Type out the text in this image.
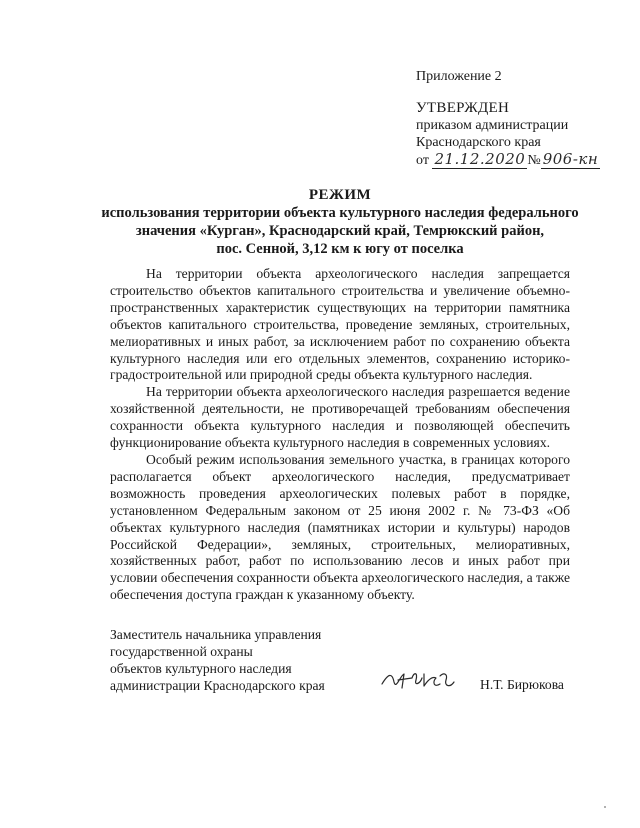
Приложение 2
УТВЕРЖДЕН
приказом администрации
Краснодарского края
от 21.12.2020 № 906-кн
РЕЖИМ
использования территории объекта культурного наследия федерального
значения «Курган», Краснодарский край, Темрюкский район,
пос. Сенной, 3,12 км к югу от поселка

На территории объекта археологического наследия запрещается строительство объектов капитального строительства и увеличение объемно-пространственных характеристик существующих на территории памятника объектов капитального строительства, проведение земляных, строительных, мелиоративных и иных работ, за исключением работ по сохранению объекта культурного наследия или его отдельных элементов, сохранению историко-градостроительной или природной среды объекта культурного наследия.

На территории объекта археологического наследия разрешается ведение хозяйственной деятельности, не противоречащей требованиям обеспечения сохранности объекта культурного наследия и позволяющей обеспечить функционирование объекта культурного наследия в современных условиях.

Особый режим использования земельного участка, в границах которого располагается объект археологического наследия, предусматривает возможность проведения археологических полевых работ в порядке, установленном Федеральным законом от 25 июня 2002 г. № 73-ФЗ «Об объектах культурного наследия (памятниках истории и культуры) народов Российской Федерации», земляных, строительных, мелиоративных, хозяйственных работ, работ по использованию лесов и иных работ при условии обеспечения сохранности объекта археологического наследия, а также обеспечения доступа граждан к указанному объекту.

Заместитель начальника управления
государственной охраны
объектов культурного наследия
администрации Краснодарского края	Н.Т. Бирюкова
